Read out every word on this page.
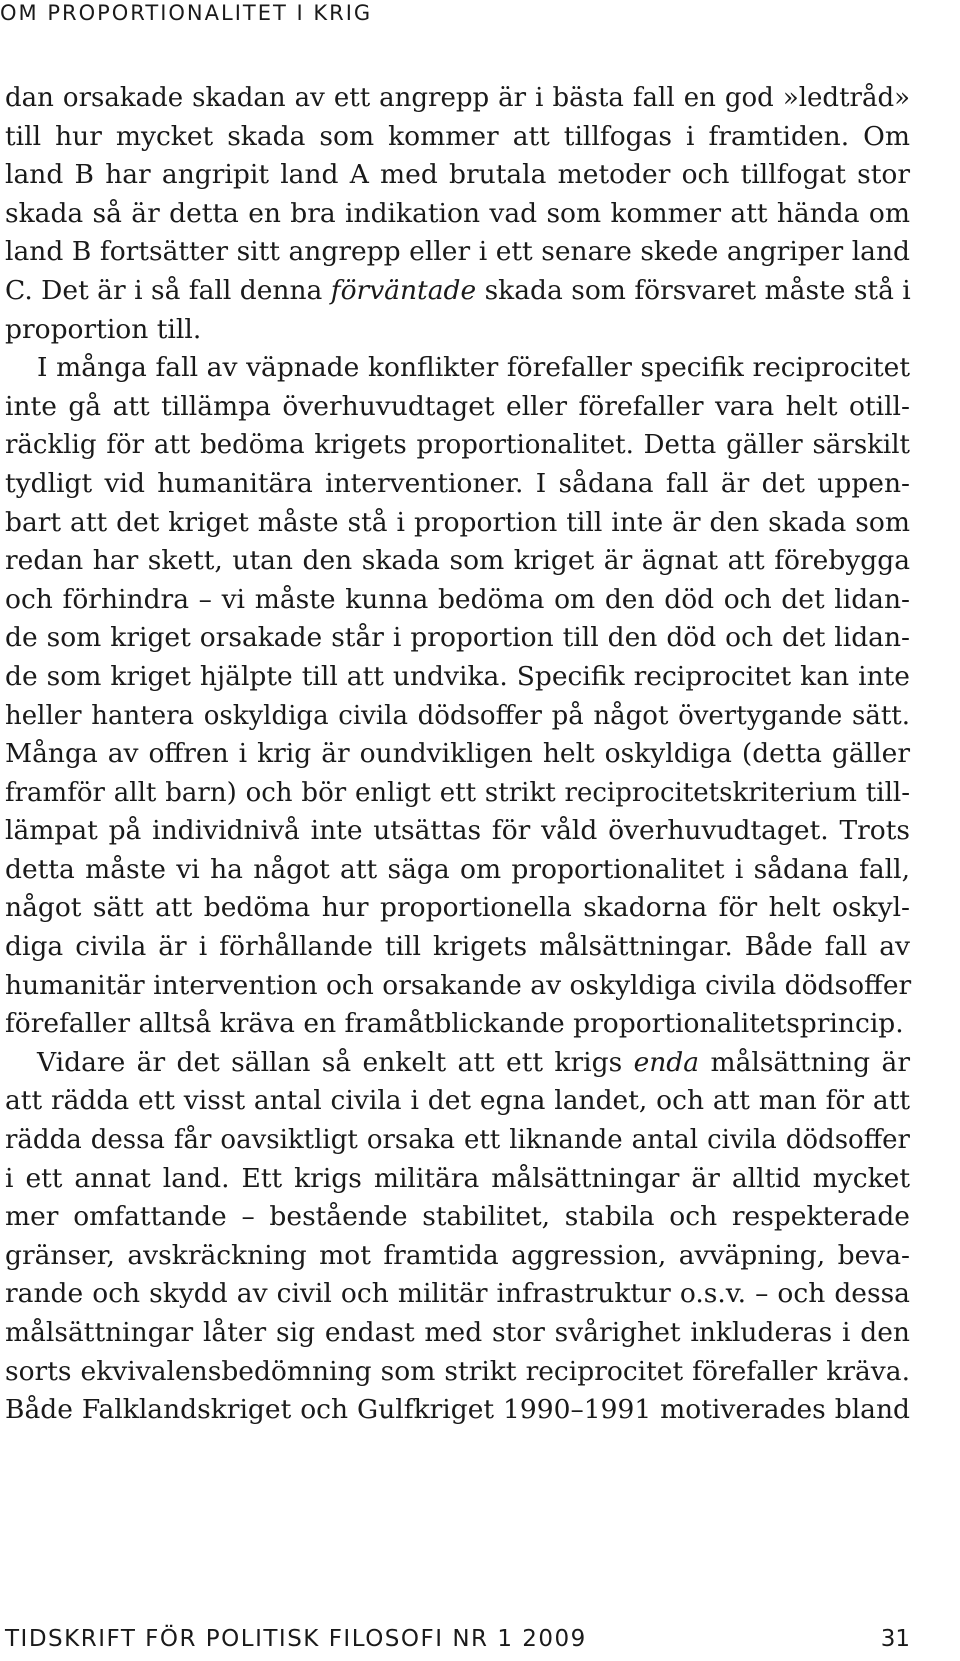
OM PROPORTIONALITET I KRIG
dan orsakade skadan av ett angrepp är i bästa fall en god »ledtråd»
till hur mycket skada som kommer att tillfogas i framtiden. Om
land B har angripit land A med brutala metoder och tillfogat stor
skada så är detta en bra indikation vad som kommer att hända om
land B fortsätter sitt angrepp eller i ett senare skede angriper land
C. Det är i så fall denna förväntade skada som försvaret måste stå i
proportion till.
I många fall av väpnade konflikter förefaller specifik reciprocitet
inte gå att tillämpa överhuvudtaget eller förefaller vara helt otill-
räcklig för att bedöma krigets proportionalitet. Detta gäller särskilt
tydligt vid humanitära interventioner. I sådana fall är det uppen-
bart att det kriget måste stå i proportion till inte är den skada som
redan har skett, utan den skada som kriget är ägnat att förebygga
och förhindra – vi måste kunna bedöma om den död och det lidan-
de som kriget orsakade står i proportion till den död och det lidan-
de som kriget hjälpte till att undvika. Specifik reciprocitet kan inte
heller hantera oskyldiga civila dödsoffer på något övertygande sätt.
Många av offren i krig är oundvikligen helt oskyldiga (detta gäller
framför allt barn) och bör enligt ett strikt reciprocitetskriterium till-
lämpat på individnivå inte utsättas för våld överhuvudtaget. Trots
detta måste vi ha något att säga om proportionalitet i sådana fall,
något sätt att bedöma hur proportionella skadorna för helt oskyl-
diga civila är i förhållande till krigets målsättningar. Både fall av
humanitär intervention och orsakande av oskyldiga civila dödsoffer
förefaller alltså kräva en framåtblickande proportionalitetsprincip.
Vidare är det sällan så enkelt att ett krigs enda målsättning är
att rädda ett visst antal civila i det egna landet, och att man för att
rädda dessa får oavsiktligt orsaka ett liknande antal civila dödsoffer
i ett annat land. Ett krigs militära målsättningar är alltid mycket
mer omfattande – bestående stabilitet, stabila och respekterade
gränser, avskräckning mot framtida aggression, avväpning, beva-
rande och skydd av civil och militär infrastruktur o.s.v. – och dessa
målsättningar låter sig endast med stor svårighet inkluderas i den
sorts ekvivalensbedömning som strikt reciprocitet förefaller kräva.
Både Falklandskriget och Gulfkriget 1990–1991 motiverades bland
TIDSKRIFT FÖR POLITISK FILOSOFI NR 1 2009	31
